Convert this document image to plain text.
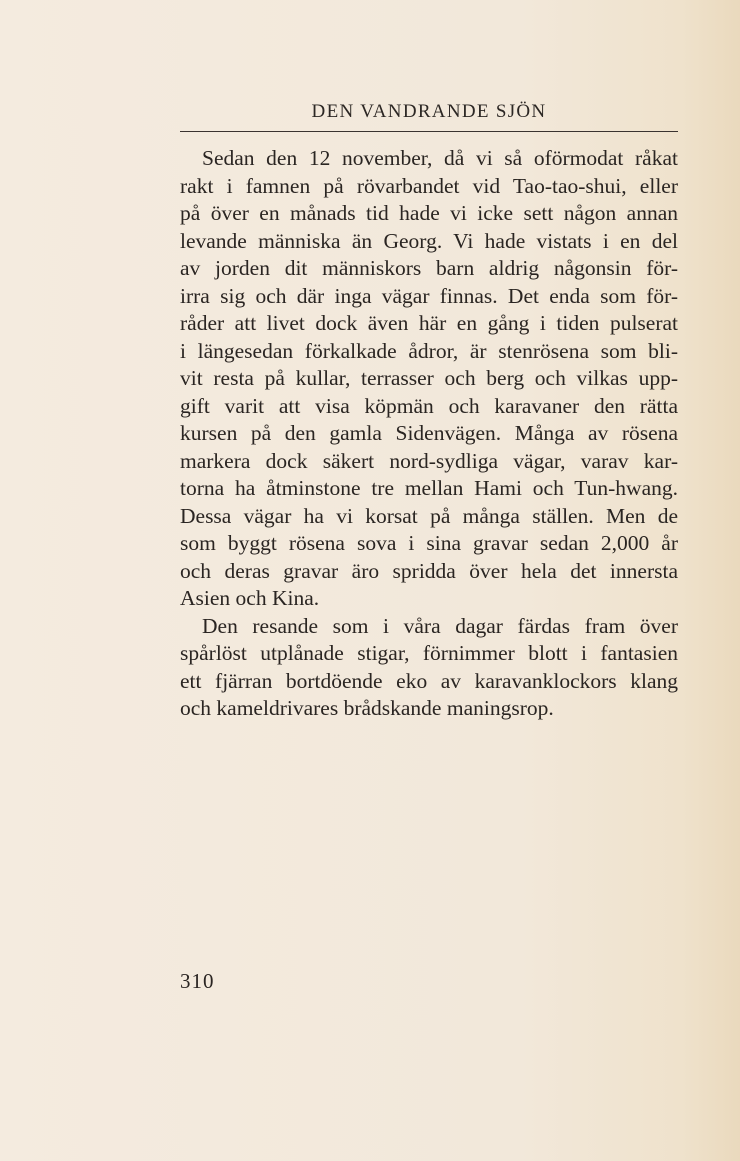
DEN VANDRANDE SJÖN
Sedan den 12 november, då vi så oförmodat råkat
rakt i famnen på rövarbandet vid Tao-tao-shui, eller
på över en månads tid hade vi icke sett någon annan
levande människa än Georg. Vi hade vistats i en del
av jorden dit människors barn aldrig någonsin för-
irra sig och där inga vägar finnas. Det enda som för-
råder att livet dock även här en gång i tiden pulserat
i längesedan förkalkade ådror, är stenrösena som bli-
vit resta på kullar, terrasser och berg och vilkas upp-
gift varit att visa köpmän och karavaner den rätta
kursen på den gamla Sidenvägen. Många av rösena
markera dock säkert nord-sydliga vägar, varav kar-
torna ha åtminstone tre mellan Hami och Tun-hwang.
Dessa vägar ha vi korsat på många ställen. Men de
som byggt rösena sova i sina gravar sedan 2,000 år
och deras gravar äro spridda över hela det innersta
Asien och Kina.
Den resande som i våra dagar färdas fram över
spårlöst utplånade stigar, förnimmer blott i fantasien
ett fjärran bortdöende eko av karavanklockors klang
och kameldrivares brådskande maningsrop.
310
